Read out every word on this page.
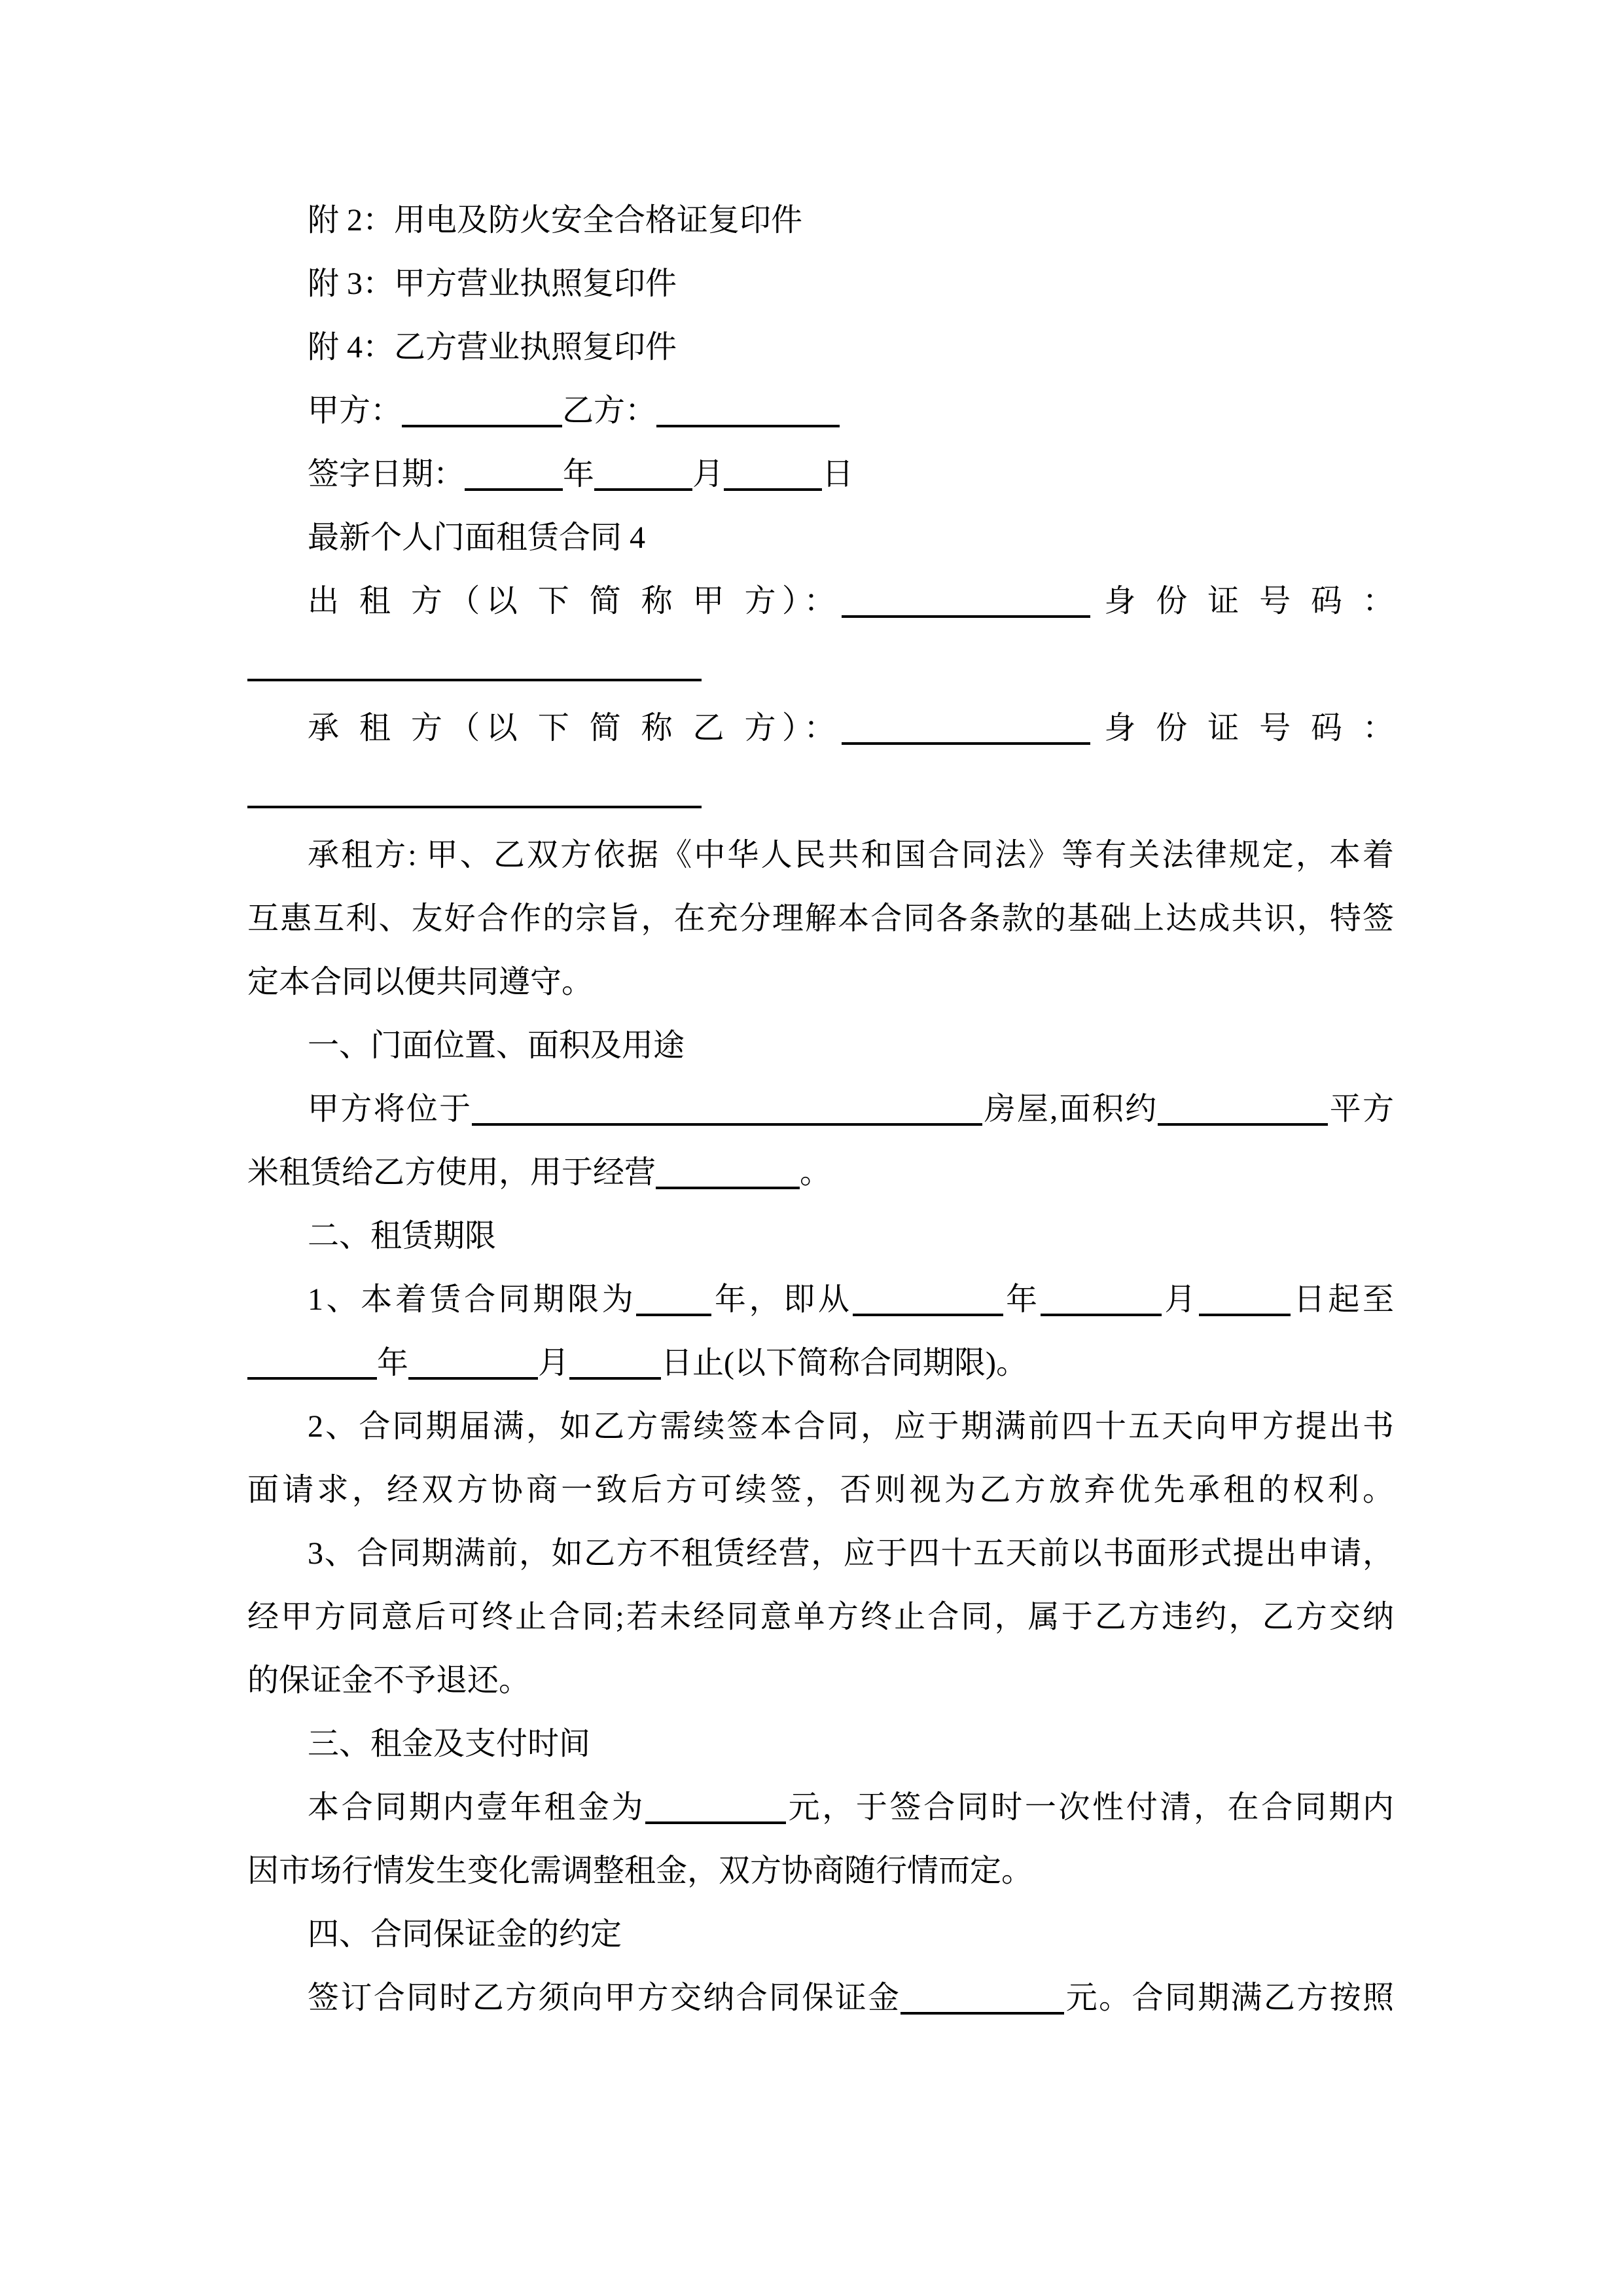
附 2：用电及防火安全合格证复印件
附 3：甲方营业执照复印件
附 4：乙方营业执照复印件
甲方：	乙方：
签字日期：	年	月	日
最新个人门面租赁合同 4
出 租 方（以 下 简 称 甲 方）：	身 份 证 号 码 ：
承 租 方（以 下 简 称 乙 方）：	身 份 证 号 码 ：
承租方: 甲、乙双方依据《中华人民共和国合同法》等有关法律规定，本着
互惠互利、友好合作的宗旨，在充分理解本合同各条款的基础上达成共识，特签
定本合同以便共同遵守。
一、门面位置、面积及用途
甲方将位于	房屋,面积约	平方
米租赁给乙方使用，用于经营	。
二、租赁期限
1、本着赁合同期限为 年，即从	年	月	日起至
年	月	日止(以下简称合同期限)。
2、合同期届满，如乙方需续签本合同，应于期满前四十五天向甲方提出书
面请求，经双方协商一致后方可续签，否则视为乙方放弃优先承租的权利。
3、合同期满前，如乙方不租赁经营，应于四十五天前以书面形式提出申请，
经甲方同意后可终止合同;若未经同意单方终止合同，属于乙方违约，乙方交纳
的保证金不予退还。
三、租金及支付时间
本合同期内壹年租金为	元，于签合同时一次性付清，在合同期内
因市场行情发生变化需调整租金，双方协商随行情而定。
四、合同保证金的约定
签订合同时乙方须向甲方交纳合同保证金	元。合同期满乙方按照
